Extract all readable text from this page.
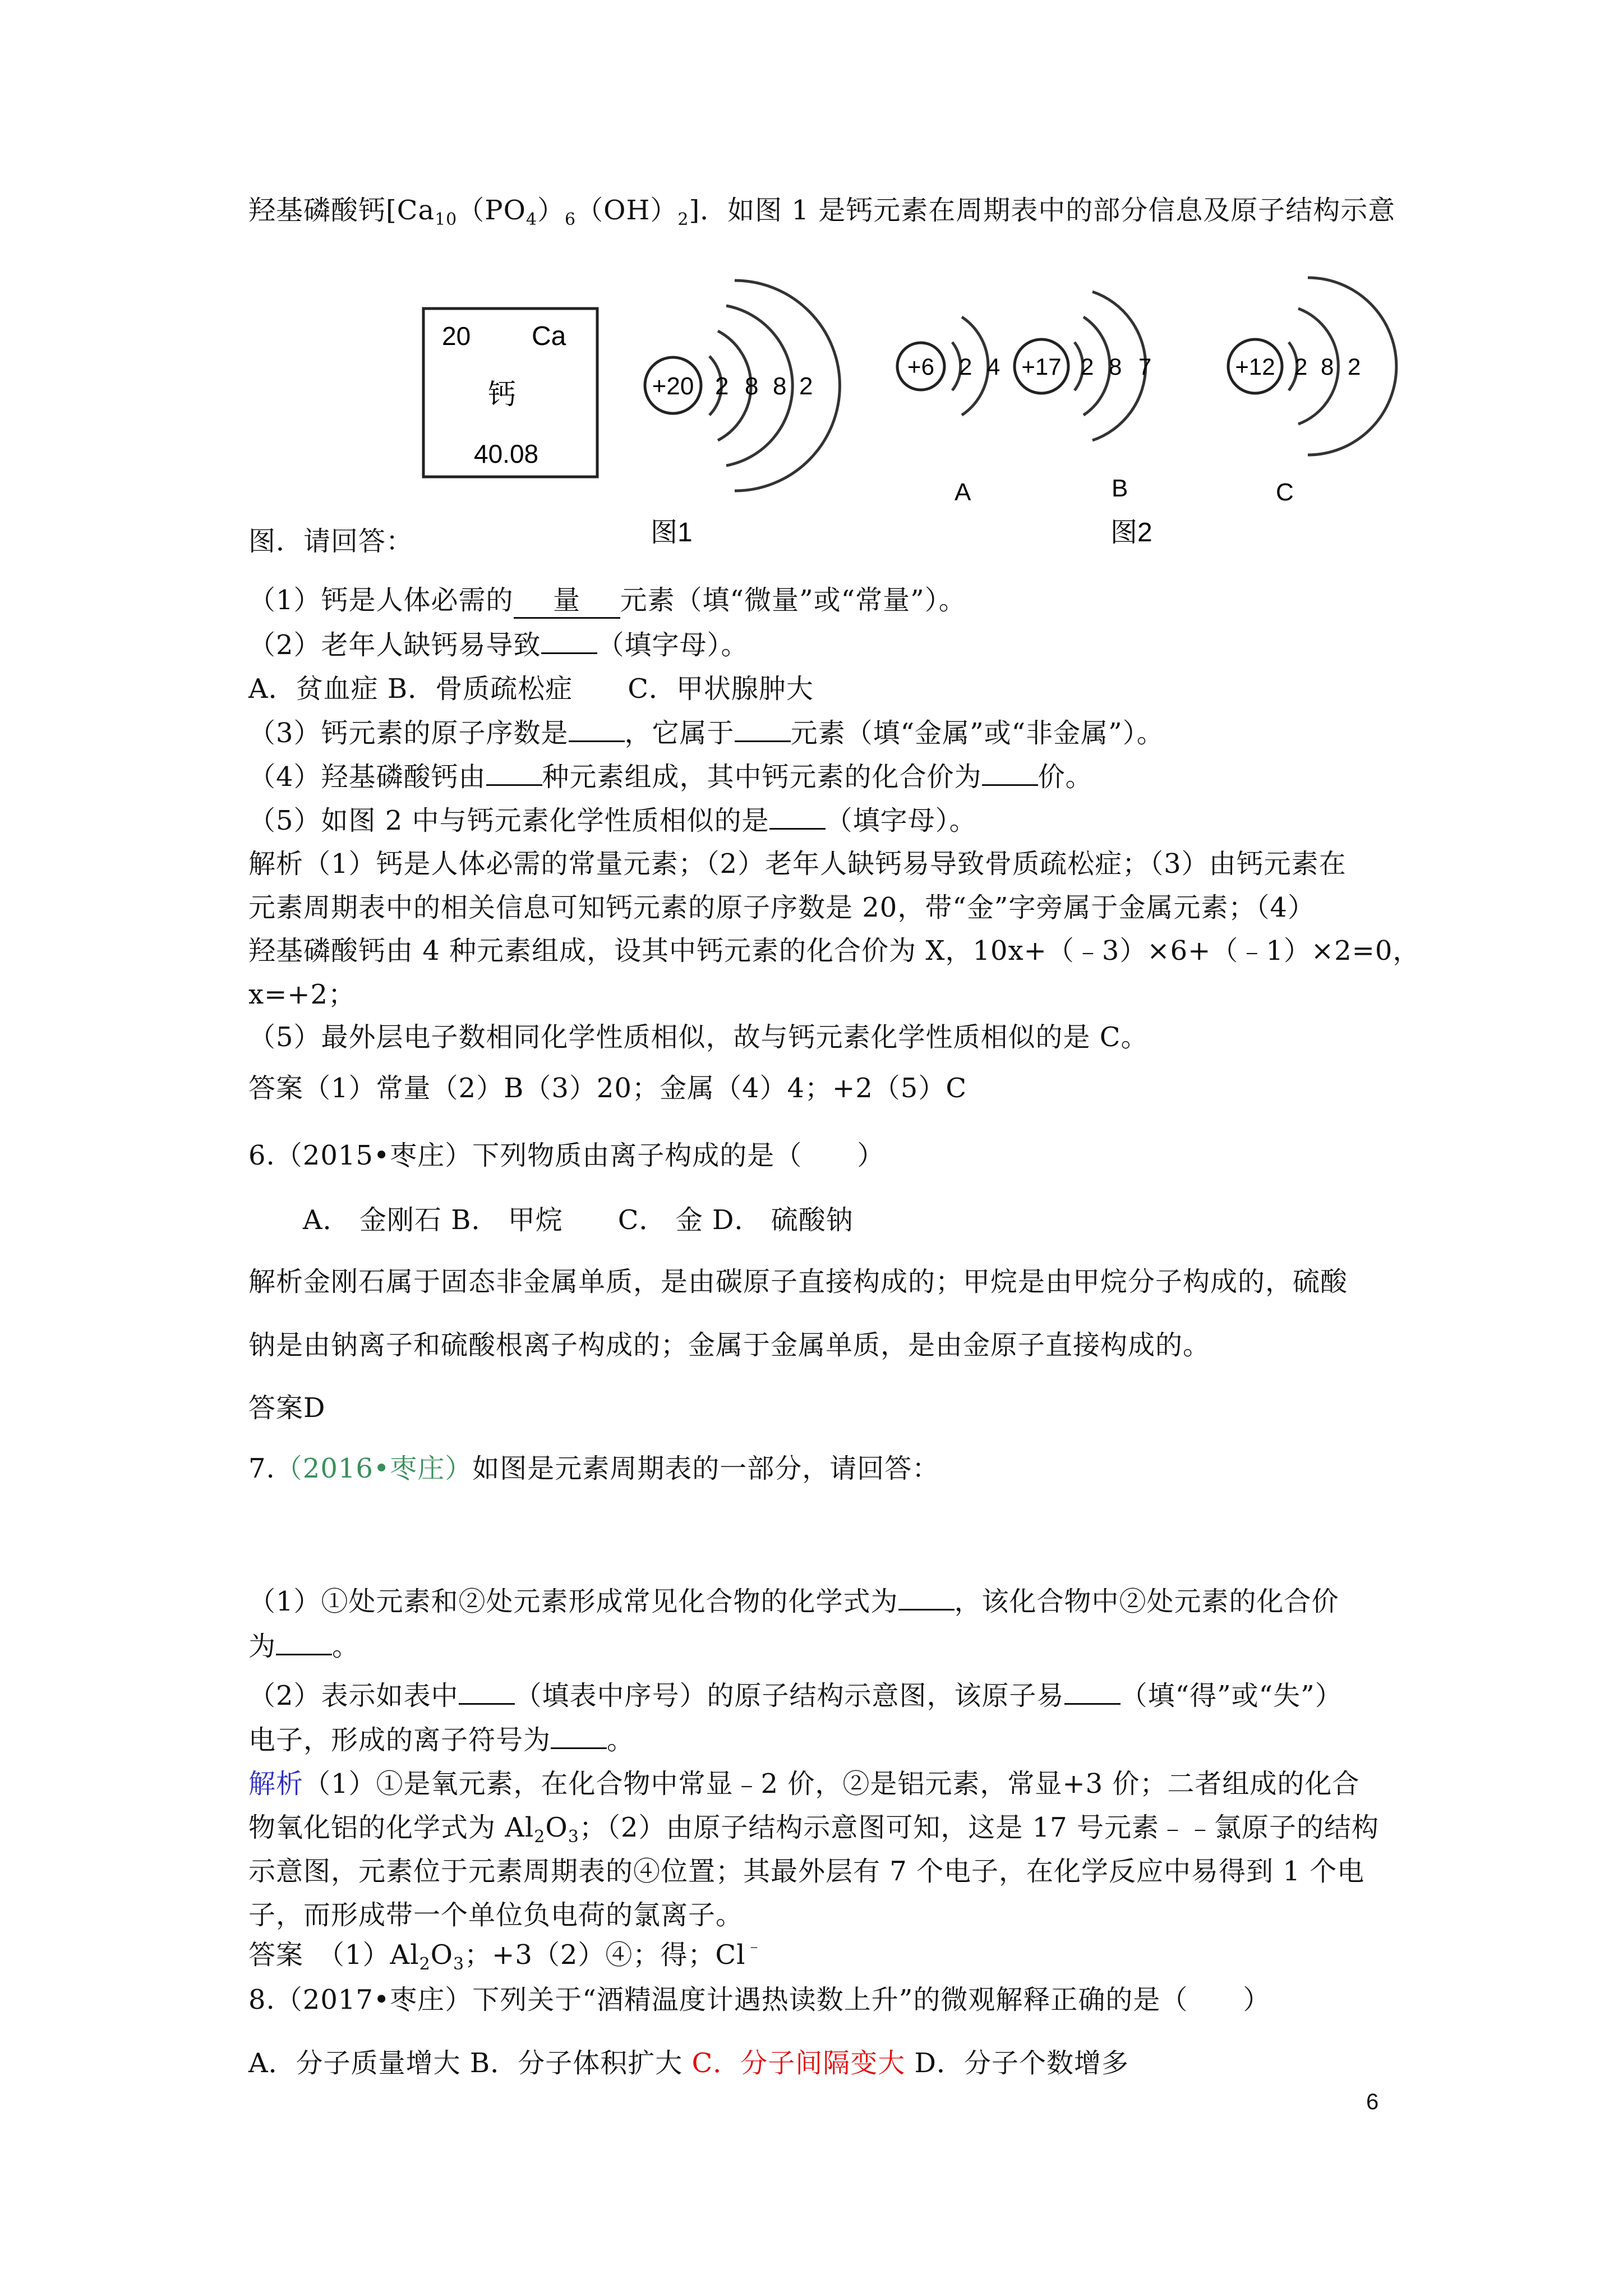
羟基磷酸钙$[Ca_{10}(PO_4)_6(OH)_2]$．如图 1 是钙元素在周期表中的部分信息及原子结构示意
20 Ca
钙
40.08
+20 2 8 8 2
图1
+6 2 4
A
+17 2 8 7
B
图2
+12 2 8 2
C
图．请回答：
（1）钙是人体必需的 量 元素（填“微量”或“常量”）。
（2）老年人缺钙易导致 （填字母）。
A．贫血症 B．骨质疏松症　　C．甲状腺肿大
（3）钙元素的原子序数是 ，它属于 元素（填“金属”或“非金属”）。
（4）羟基磷酸钙由 种元素组成，其中钙元素的化合价为 价。
（5）如图 2 中与钙元素化学性质相似的是 （填字母）。
解析（1）钙是人体必需的常量元素；（2）老年人缺钙易导致骨质疏松症；（3）由钙元素在
元素周期表中的相关信息可知钙元素的原子序数是 20，带“金”字旁属于金属元素；（4）
羟基磷酸钙由 4 种元素组成，设其中钙元素的化合价为 X，10x+（﹣3）×6+（﹣1）×2=0，
x=+2；
（5）最外层电子数相同化学性质相似，故与钙元素化学性质相似的是 C。
答案（1）常量（2）B（3）20；金属（4）4；+2（5）C
6.（2015•枣庄）下列物质由离子构成的是（　　）
A． 金刚石 B． 甲烷　　C． 金 D． 硫酸钠
解析金刚石属于固态非金属单质，是由碳原子直接构成的；甲烷是由甲烷分子构成的，硫酸
钠是由钠离子和硫酸根离子构成的；金属于金属单质，是由金原子直接构成的。
答案D
7.（2016•枣庄）如图是元素周期表的一部分，请回答：
（1）①处元素和②处元素形成常见化合物的化学式为 ，该化合物中②处元素的化合价
为 。
（2）表示如表中 （填表中序号）的原子结构示意图，该原子易 （填“得”或“失”）
电子，形成的离子符号为 。
解析（1）①是氧元素，在化合物中常显﹣2 价，②是铝元素，常显+3 价；二者组成的化合
物氧化铝的化学式为 $Al_2O_3$；（2）由原子结构示意图可知，这是 17 号元素﹣﹣氯原子的结构
示意图，元素位于元素周期表的④位置；其最外层有 7 个电子，在化学反应中易得到 1 个电
子，而形成带一个单位负电荷的氯离子。
答案　$(1)Al_2O_3$；+3（2）④；得；Cl﹣
8.（2017•枣庄）下列关于“酒精温度计遇热读数上升”的微观解释正确的是（　　）
A．分子质量增大 B．分子体积扩大 C．分子间隔变大 D．分子个数增多
6
